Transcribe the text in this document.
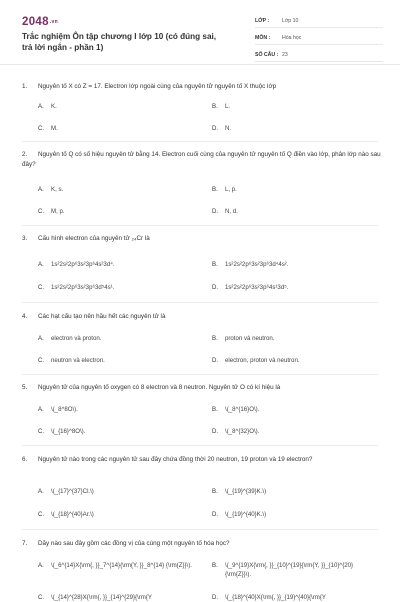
2048.vn
Trắc nghiệm Ôn tập chương I lớp 10 (có đúng sai, trả lời ngắn - phần 1)
LỚP :	Lớp 10
MÔN :	Hóa học
SỐ CÂU : 23
1. Nguyên tố X có Z = 17. Electron lớp ngoài cùng của nguyên tử nguyên tố X thuộc lớp
A. K.	B. L.
C. M.	D. N.
2. Nguyên tố Q có số hiệu nguyên tử bằng 14. Electron cuối cùng của nguyên tử nguyên tố Q điền vào lớp, phân lớp nào sau đây?
A. K, s.	B. L, p.
C. M, p.	D. N, d.
3. Cấu hình electron của nguyên tử ₂₄Cr là
A. 1s²2s²2p⁶3s²3p⁶4s²3d⁴.	B. 1s²2s²2p⁶3s²3p⁶3d⁴4s².
C. 1s²2s²2p⁶3s²3p⁶3d⁵4s¹.	D. 1s²2s²2p⁶3s²3p⁶4s¹3d⁵.
4. Các hạt cấu tạo nên hầu hết các nguyên tử là
A. electron và proton.	B. proton và neutron.
C. neutron và electron.	D. electron, proton và neutron.
5. Nguyên tử của nguyên tố oxygen có 8 electron và 8 neutron. Nguyên tử O có kí hiệu là
A. \(_8^8O\).	B. \(_8^{16}O\).
C. \(_{16}^8O\).	D. \(_8^{32}O\).
6. Nguyên tử nào trong các nguyên tử sau đây chứa đồng thời 20 neutron, 19 proton và 19 electron?
A. \(_{17}^{37}Cl.\)	B. \(_{19}^{39}K.\)
C. \(_{18}^{40}Ar.\)	D. \(_{19}^{40}K.\)
7. Dãy nào sau đây gồm các đồng vị của cùng một nguyên tố hóa học?
A. \(_6^{14}X{\rm{, }}_7^{14}{\rm{Y, }}_8^{14} {\rm{Z}}\).	B. \(_9^{19}X{\rm{, }}_{10}^{19}{\rm{Y, }}_{10}^{20}{\rm{Z}}\).
C. \(_{14}^{28}X{\rm{, }}_{14}^{29}{\rm{Y	D. \(_{18}^{40}X{\rm{, }}_{19}^{40}{\rm{Y
